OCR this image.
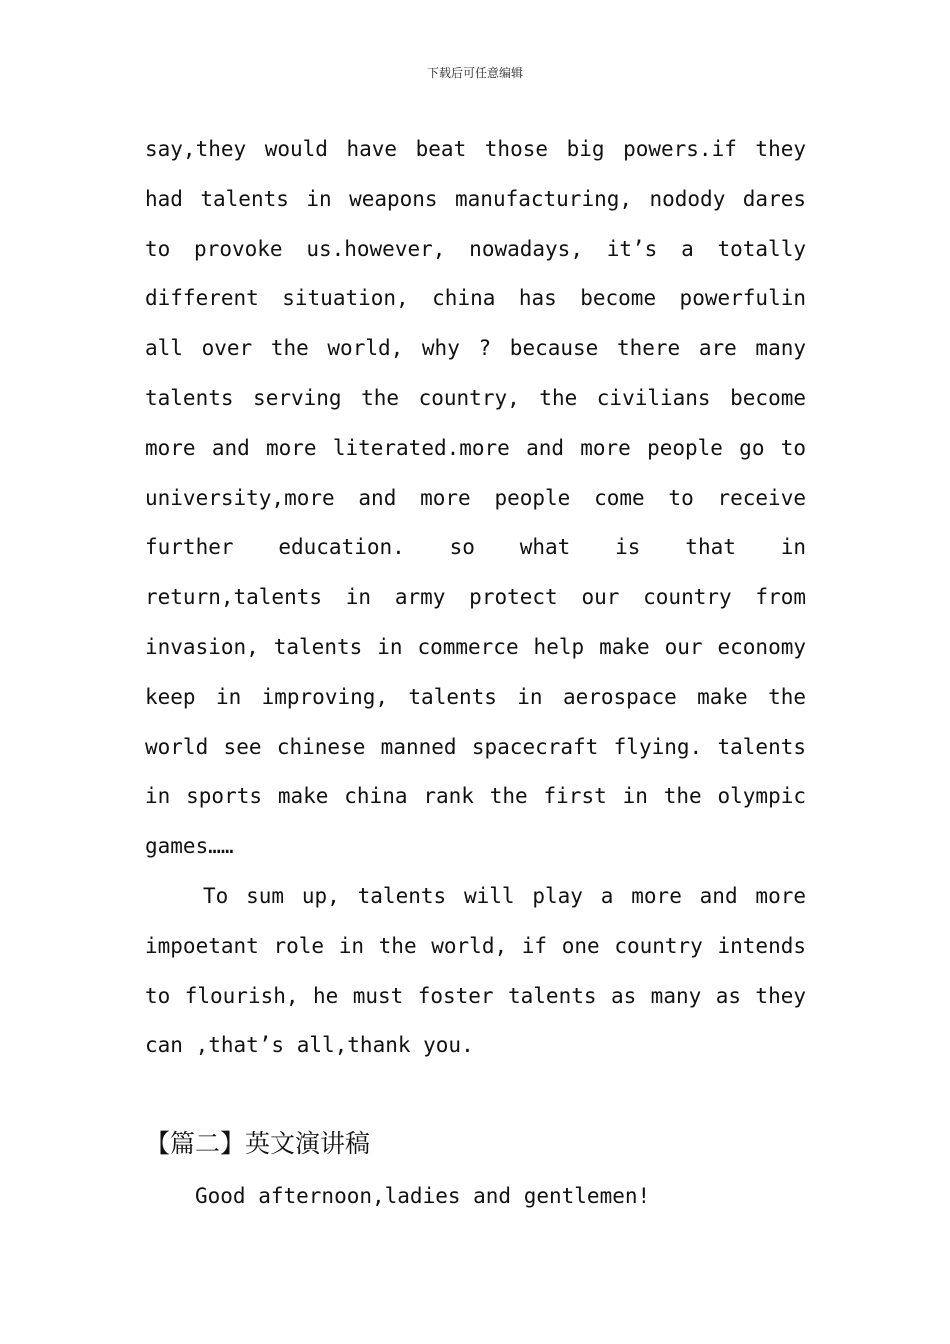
下载后可任意编辑
say,they would have beat those big powers.if they
had talents in weapons manufacturing, nodody dares
to provoke us.however, nowadays, it’s a totally
different situation, china has become powerfulin
all over the world, why ? because there are many
talents serving the country, the civilians become
more and more literated.more and more people go to
university,more and more people come to receive
further education. so what is that in
return,talents in army protect our country from
invasion, talents in commerce help make our economy
keep in improving, talents in aerospace make the
world see chinese manned spacecraft flying. talents
in sports make china rank the first in the olympic
games……
To sum up, talents will play a more and more
impoetant role in the world, if one country intends
to flourish, he must foster talents as many as they
can ,that’s all,thank you.
【篇二】英文演讲稿
Good afternoon,ladies and gentlemen!
